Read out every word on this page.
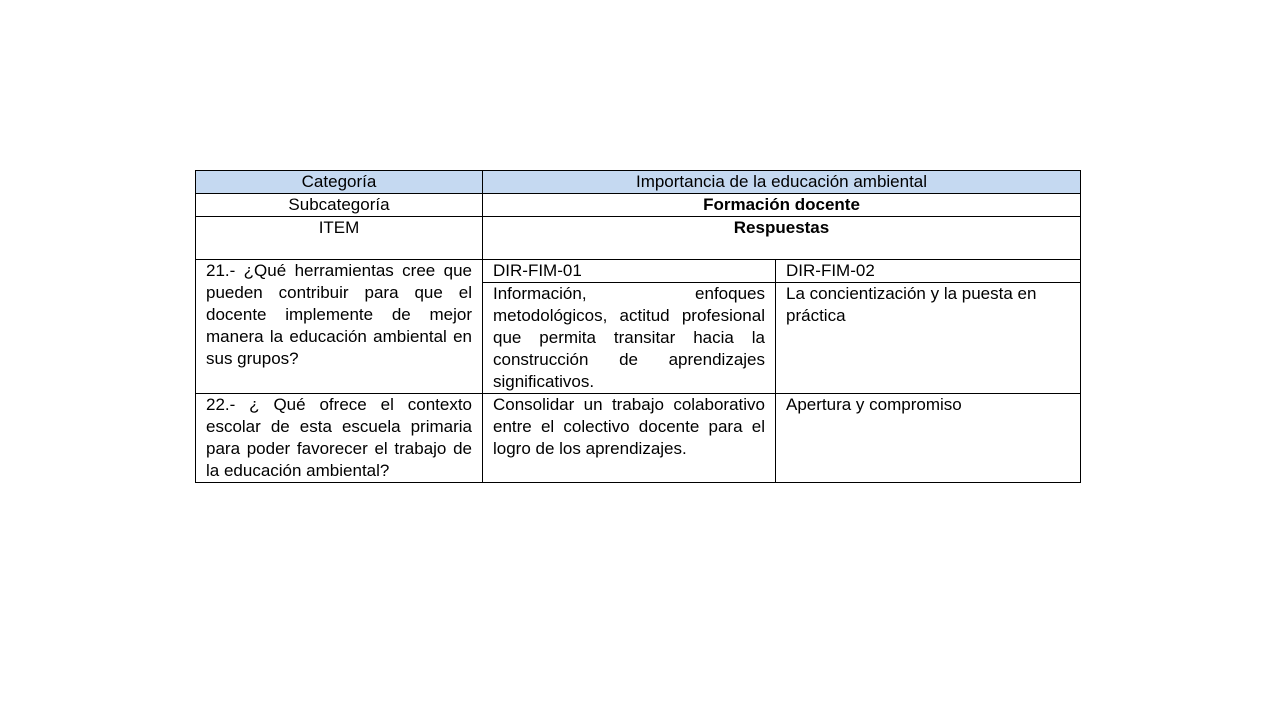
Categoría	Importancia de la educación ambiental	
Subcategoría	Formación docente	
ITEM	Respuestas	
21.- ¿Qué herramientas cree que pueden contribuir para que el docente implemente de mejor manera la educación ambiental en sus grupos?	DIR-FIM-01	DIR-FIM-02
	Información, enfoques metodológicos, actitud profesional que permita transitar hacia la construcción de aprendizajes significativos.	La concientización y la puesta en práctica
22.- ¿ Qué ofrece el contexto escolar de esta escuela primaria para poder favorecer el trabajo de la educación ambiental?	Consolidar un trabajo colaborativo entre el colectivo docente para el logro de los aprendizajes.	Apertura y compromiso
